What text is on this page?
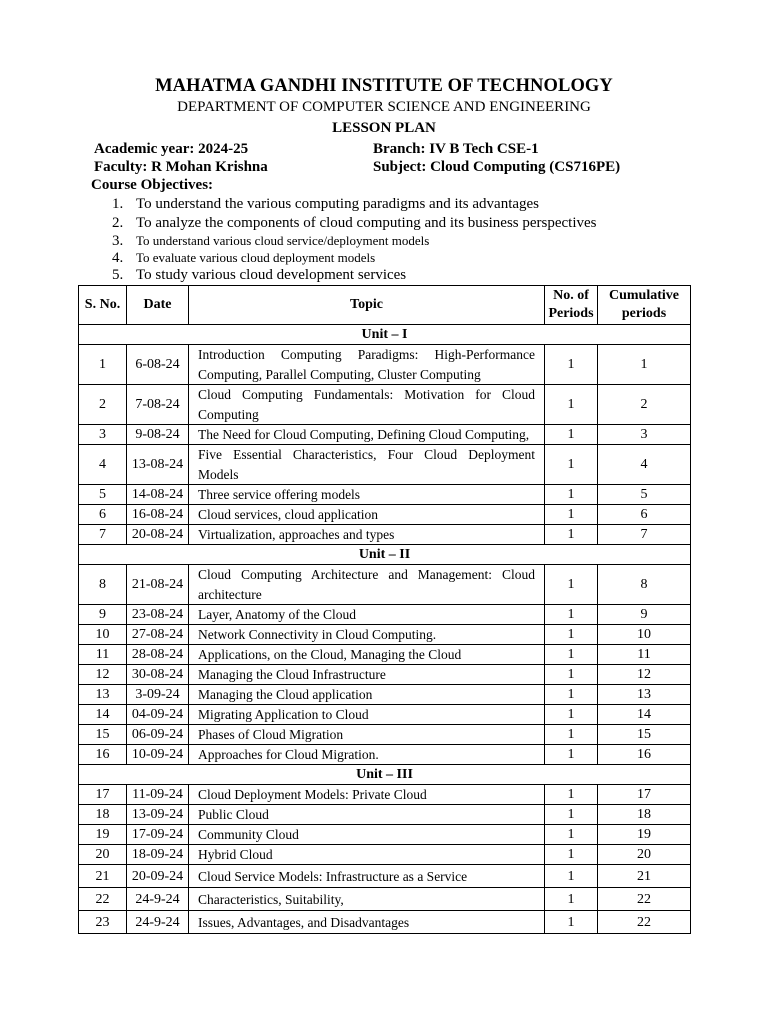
MAHATMA GANDHI INSTITUTE OF TECHNOLOGY
DEPARTMENT OF COMPUTER SCIENCE AND ENGINEERING
LESSON PLAN
Academic year: 2024-25	Branch: IV B Tech CSE-1
Faculty: R Mohan Krishna	Subject: Cloud Computing (CS716PE)
Course Objectives:
1. To understand the various computing paradigms and its advantages
2. To analyze the components of cloud computing and its business perspectives
3. To understand various cloud service/deployment models
4. To evaluate various cloud deployment models
5. To study various cloud development services
S. No.	Date	Topic	No. of Periods	Cumulative periods
Unit – I				
1	6-08-24	Introduction Computing Paradigms: High-Performance Computing, Parallel Computing, Cluster Computing	1	1
2	7-08-24	Cloud Computing Fundamentals: Motivation for Cloud Computing	1	2
3	9-08-24	The Need for Cloud Computing, Defining Cloud Computing,	1	3
4	13-08-24	Five Essential Characteristics, Four Cloud Deployment Models	1	4
5	14-08-24	Three service offering models	1	5
6	16-08-24	Cloud services, cloud application	1	6
7	20-08-24	Virtualization, approaches and types	1	7
Unit – II				
8	21-08-24	Cloud Computing Architecture and Management: Cloud architecture	1	8
9	23-08-24	Layer, Anatomy of the Cloud	1	9
10	27-08-24	Network Connectivity in Cloud Computing.	1	10
11	28-08-24	Applications, on the Cloud, Managing the Cloud	1	11
12	30-08-24	Managing the Cloud Infrastructure	1	12
13	3-09-24	Managing the Cloud application	1	13
14	04-09-24	Migrating Application to Cloud	1	14
15	06-09-24	Phases of Cloud Migration	1	15
16	10-09-24	Approaches for Cloud Migration.	1	16
Unit – III				
17	11-09-24	Cloud Deployment Models: Private Cloud	1	17
18	13-09-24	Public Cloud	1	18
19	17-09-24	Community Cloud	1	19
20	18-09-24	Hybrid Cloud	1	20
21	20-09-24	Cloud Service Models: Infrastructure as a Service	1	21
22	24-9-24	Characteristics, Suitability,	1	22
23	24-9-24	Issues, Advantages, and Disadvantages	1	22
